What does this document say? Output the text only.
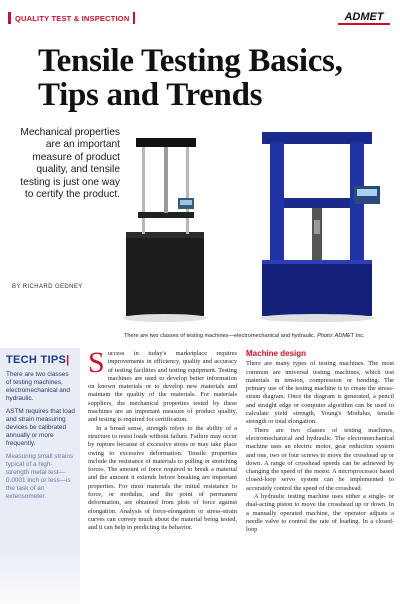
QUALITY TEST & INSPECTION	ADMET
Tensile Testing Basics, Tips and Trends
Mechanical properties are an important measure of product quality, and tensile testing is just one way to certify the product.
BY RICHARD GEDNEY
There are two classes of testing machines—electromechanical and hydraulic. Photo: ADMET Inc.
TECH TIPS|

There are two classes of testing machines, electromechanical and hydraulic.

ASTM requires that load and strain measuring devices be calibrated annually or more frequently.

Measuring small strains typical of a high-strength metal test—0.0001 inch or less—is the task of an extensometer.

Success in today's marketplace requires improvements in efficiency, quality and accuracy of testing facilities and testing equipment. Testing machines are used to develop better information on known materials or to develop new materials and maintain the quality of the materials. For materials suppliers, the mechanical properties tested by these machines are an important measure of product quality, and testing is required for certification.

In a broad sense, strength refers to the ability of a structure to resist loads without failure. Failure may occur by rupture because of excessive stress or may take place owing to excessive deformation. Tensile properties include the resistance of materials to pulling or stretching forces. The amount of force required to break a material and the amount it extends before breaking are important properties. For most materials the initial resistance to force, or modulus, and the point of permanent deformation, are obtained from plots of force against elongation. Analysis of force-elongation or stress-strain curves can convey much about the material being tested, and it can help in predicting its behavior.

Machine design

There are many types of testing machines. The most common are universal testing machines, which test materials in tension, compression or bending. The primary use of the testing machine is to create the stress-strain diagram. Once the diagram is generated, a pencil and straight edge or computer algorithm can be used to calculate yield strength, Young's Modulus, tensile strength or total elongation.

There are two classes of testing machines, electromechanical and hydraulic. The electromechanical machine uses an electric motor, gear reduction system and one, two or four screws to move the crosshead up or down. A range of crosshead speeds can be achieved by changing the speed of the motor. A microprocessor based closed-loop servo system can be implemented to accurately control the speed of the crosshead.

A hydraulic testing machine uses either a single- or dual-acting piston to move the crosshead up or down. In a manually operated machine, the operator adjusts a needle valve to control the rate of loading. In a closed-loop
